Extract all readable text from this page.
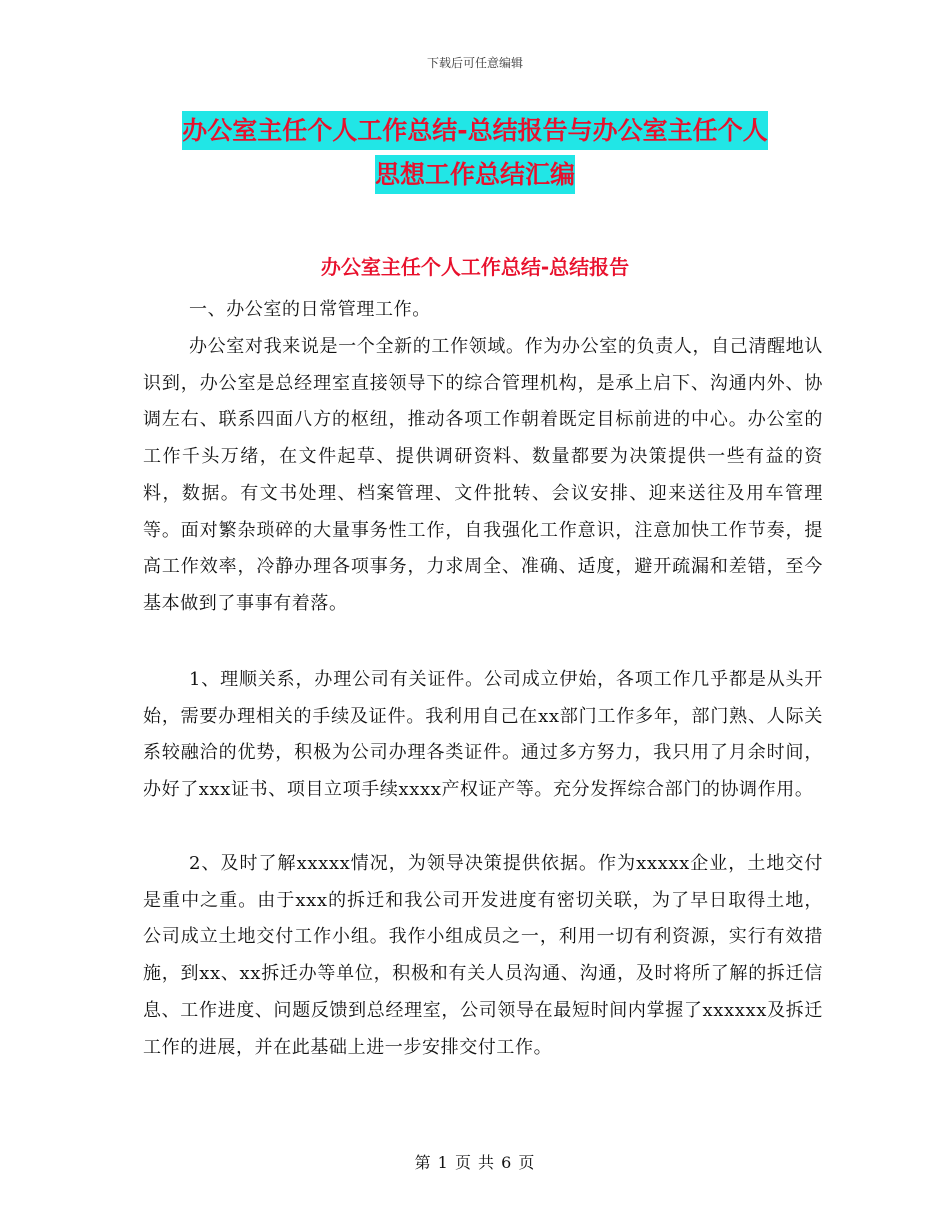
下载后可任意编辑
办公室主任个人工作总结-总结报告与办公室主任个人
思想工作总结汇编
办公室主任个人工作总结-总结报告

一、办公室的日常管理工作。

办公室对我来说是一个全新的工作领域。作为办公室的负责人，自己清醒地认识到，办公室是总经理室直接领导下的综合管理机构，是承上启下、沟通内外、协调左右、联系四面八方的枢纽，推动各项工作朝着既定目标前进的中心。办公室的工作千头万绪，在文件起草、提供调研资料、数量都要为决策提供一些有益的资料，数据。有文书处理、档案管理、文件批转、会议安排、迎来送往及用车管理等。面对繁杂琐碎的大量事务性工作，自我强化工作意识，注意加快工作节奏，提高工作效率，冷静办理各项事务，力求周全、准确、适度，避开疏漏和差错，至今基本做到了事事有着落。

1、理顺关系，办理公司有关证件。公司成立伊始，各项工作几乎都是从头开始，需要办理相关的手续及证件。我利用自己在xx部门工作多年，部门熟、人际关系较融洽的优势，积极为公司办理各类证件。通过多方努力，我只用了月余时间，办好了xxx证书、项目立项手续xxxx产权证产等。充分发挥综合部门的协调作用。

2、及时了解xxxxx情况，为领导决策提供依据。作为xxxxx企业，土地交付是重中之重。由于xxx的拆迁和我公司开发进度有密切关联，为了早日取得土地，公司成立土地交付工作小组。我作小组成员之一，利用一切有利资源，实行有效措施，到xx、xx拆迁办等单位，积极和有关人员沟通、沟通，及时将所了解的拆迁信息、工作进度、问题反馈到总经理室，公司领导在最短时间内掌握了xxxxxx及拆迁工作的进展，并在此基础上进一步安排交付工作。

第 1 页 共 6 页
